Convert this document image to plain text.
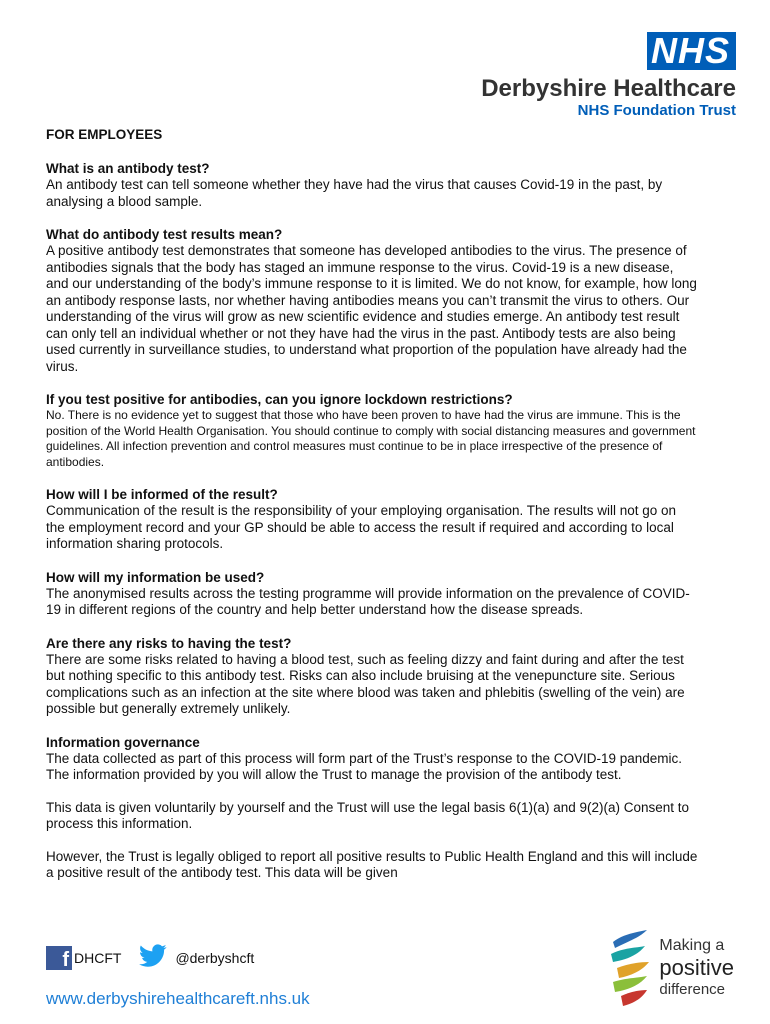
NHS
Derbyshire Healthcare
NHS Foundation Trust
FOR EMPLOYEES

What is an antibody test?

An antibody test can tell someone whether they have had the virus that causes Covid-19 in the past, by analysing a blood sample.

What do antibody test results mean?

A positive antibody test demonstrates that someone has developed antibodies to the virus. The presence of antibodies signals that the body has staged an immune response to the virus. Covid-19 is a new disease, and our understanding of the body’s immune response to it is limited. We do not know, for example, how long an antibody response lasts, nor whether having antibodies means you can’t transmit the virus to others. Our understanding of the virus will grow as new scientific evidence and studies emerge. An antibody test result can only tell an individual whether or not they have had the virus in the past. Antibody tests are also being used currently in surveillance studies, to understand what proportion of the population have already had the virus.

If you test positive for antibodies, can you ignore lockdown restrictions?

No. There is no evidence yet to suggest that those who have been proven to have had the virus are immune. This is the position of the World Health Organisation. You should continue to comply with social distancing measures and government guidelines. All infection prevention and control measures must continue to be in place irrespective of the presence of antibodies.

How will I be informed of the result?

Communication of the result is the responsibility of your employing organisation. The results will not go on the employment record and your GP should be able to access the result if required and according to local information sharing protocols.

How will my information be used?

The anonymised results across the testing programme will provide information on the prevalence of COVID-19 in different regions of the country and help better understand how the disease spreads.

Are there any risks to having the test?

There are some risks related to having a blood test, such as feeling dizzy and faint during and after the test but nothing specific to this antibody test. Risks can also include bruising at the venepuncture site. Serious complications such as an infection at the site where blood was taken and phlebitis (swelling of the vein) are possible but generally extremely unlikely.

Information governance

The data collected as part of this process will form part of the Trust’s response to the COVID-19 pandemic. The information provided by you will allow the Trust to manage the provision of the antibody test.

This data is given voluntarily by yourself and the Trust will use the legal basis 6(1)(a) and 9(2)(a) Consent to process this information.

However, the Trust is legally obliged to report all positive results to Public Health England and this will include a positive result of the antibody test. This data will be given

f DHCFT	@derbyshcft
www.derbyshirehealthcareft.nhs.uk
Making a
positive
difference
